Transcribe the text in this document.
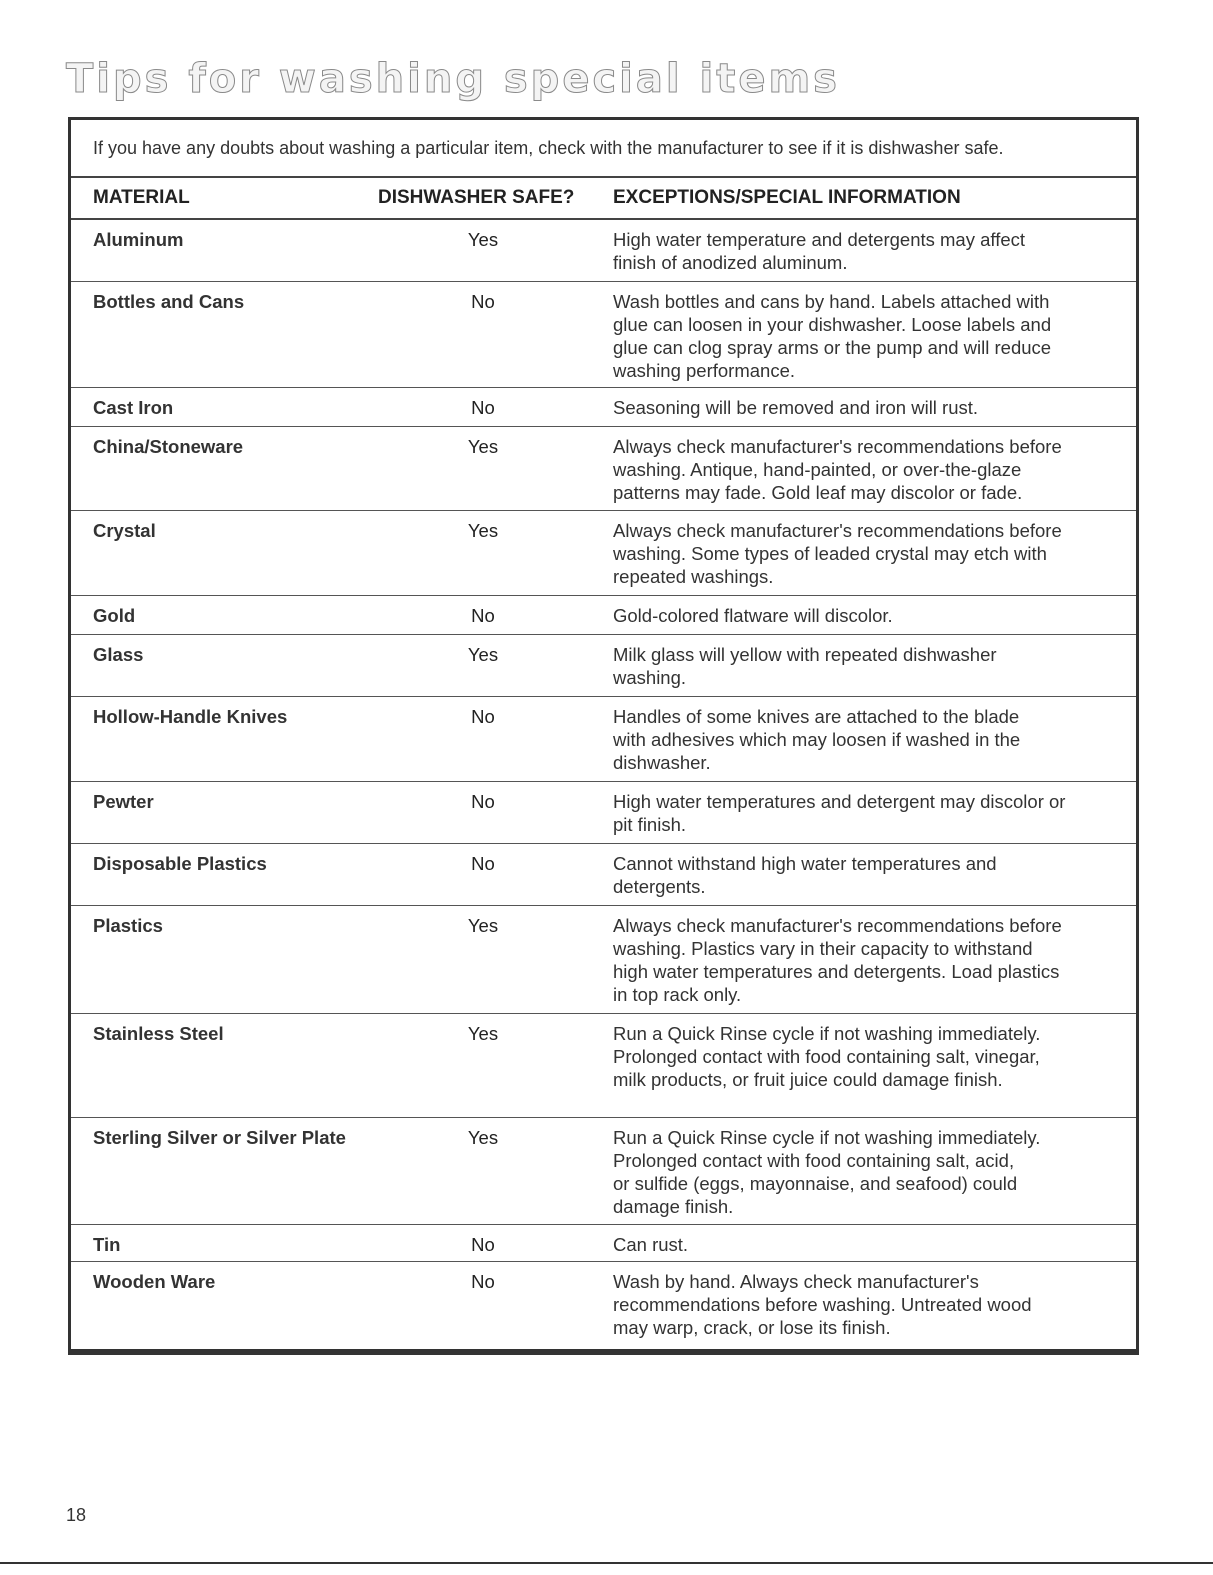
Tips for washing special items
If you have any doubts about washing a particular item, check with the manufacturer to see if it is dishwasher safe.
MATERIAL	DISHWASHER SAFE?	EXCEPTIONS/SPECIAL INFORMATION
Aluminum	Yes	High water temperature and detergents may affect
finish of anodized aluminum.
Bottles and Cans	No	Wash bottles and cans by hand. Labels attached with
glue can loosen in your dishwasher. Loose labels and
glue can clog spray arms or the pump and will reduce
washing performance.
Cast Iron	No	Seasoning will be removed and iron will rust.
China/Stoneware	Yes	Always check manufacturer's recommendations before
washing. Antique, hand-painted, or over-the-glaze
patterns may fade. Gold leaf may discolor or fade.
Crystal	Yes	Always check manufacturer's recommendations before
washing. Some types of leaded crystal may etch with
repeated washings.
Gold	No	Gold-colored flatware will discolor.
Glass	Yes	Milk glass will yellow with repeated dishwasher
washing.
Hollow-Handle Knives	No	Handles of some knives are attached to the blade
with adhesives which may loosen if washed in the
dishwasher.
Pewter	No	High water temperatures and detergent may discolor or
pit finish.
Disposable Plastics	No	Cannot withstand high water temperatures and
detergents.
Plastics	Yes	Always check manufacturer's recommendations before
washing. Plastics vary in their capacity to withstand
high water temperatures and detergents. Load plastics
in top rack only.
Stainless Steel	Yes	Run a Quick Rinse cycle if not washing immediately.
Prolonged contact with food containing salt, vinegar,
milk products, or fruit juice could damage finish.
Sterling Silver or Silver Plate	Yes	Run a Quick Rinse cycle if not washing immediately.
Prolonged contact with food containing salt, acid,
or sulfide (eggs, mayonnaise, and seafood) could
damage finish.
Tin	No	Can rust.
Wooden Ware	No	Wash by hand. Always check manufacturer's
recommendations before washing. Untreated wood
may warp, crack, or lose its finish.
18
